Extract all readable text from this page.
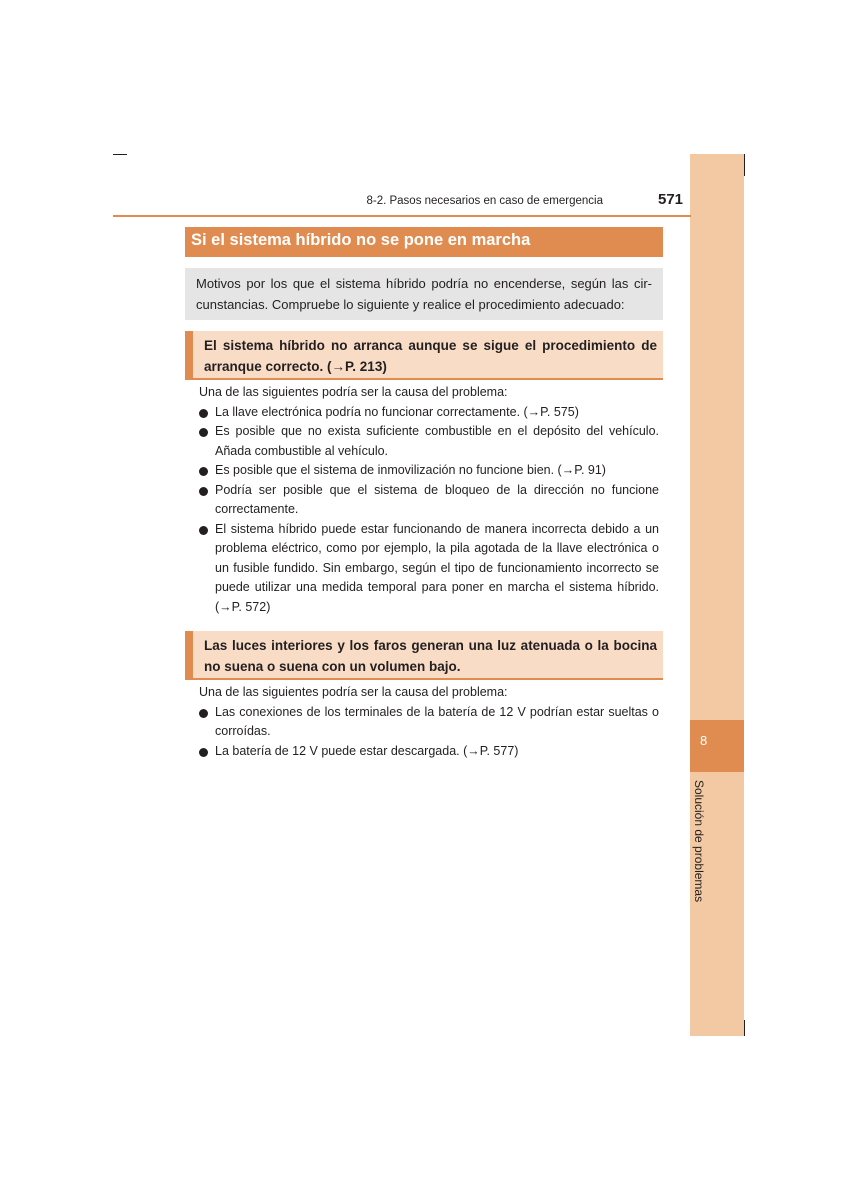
8
Solución de problemas
8-2. Pasos necesarios en caso de emergencia	571
Si el sistema híbrido no se pone en marcha
Motivos por los que el sistema híbrido podría no encenderse, según las cir- cunstancias. Compruebe lo siguiente y realice el procedimiento adecuado:
El sistema híbrido no arranca aunque se sigue el procedimiento de arranque correcto. (→P. 213)

Una de las siguientes podría ser la causa del problema:

La llave electrónica podría no funcionar correctamente. (→P. 575)
Es posible que no exista suficiente combustible en el depósito del vehículo. Añada combustible al vehículo.
Es posible que el sistema de inmovilización no funcione bien. (→P. 91)
Podría ser posible que el sistema de bloqueo de la dirección no funcione correctamente.
El sistema híbrido puede estar funcionando de manera incorrecta debido a un problema eléctrico, como por ejemplo, la pila agotada de la llave electrónica o un fusible fundido. Sin embargo, según el tipo de funcionamiento incorrecto se puede utilizar una medida temporal para poner en marcha el sistema híbrido. (→P. 572)
Las luces interiores y los faros generan una luz atenuada o la bocina no suena o suena con un volumen bajo.

Una de las siguientes podría ser la causa del problema:

Las conexiones de los terminales de la batería de 12 V podrían estar sueltas o corroídas.
La batería de 12 V puede estar descargada. (→P. 577)
